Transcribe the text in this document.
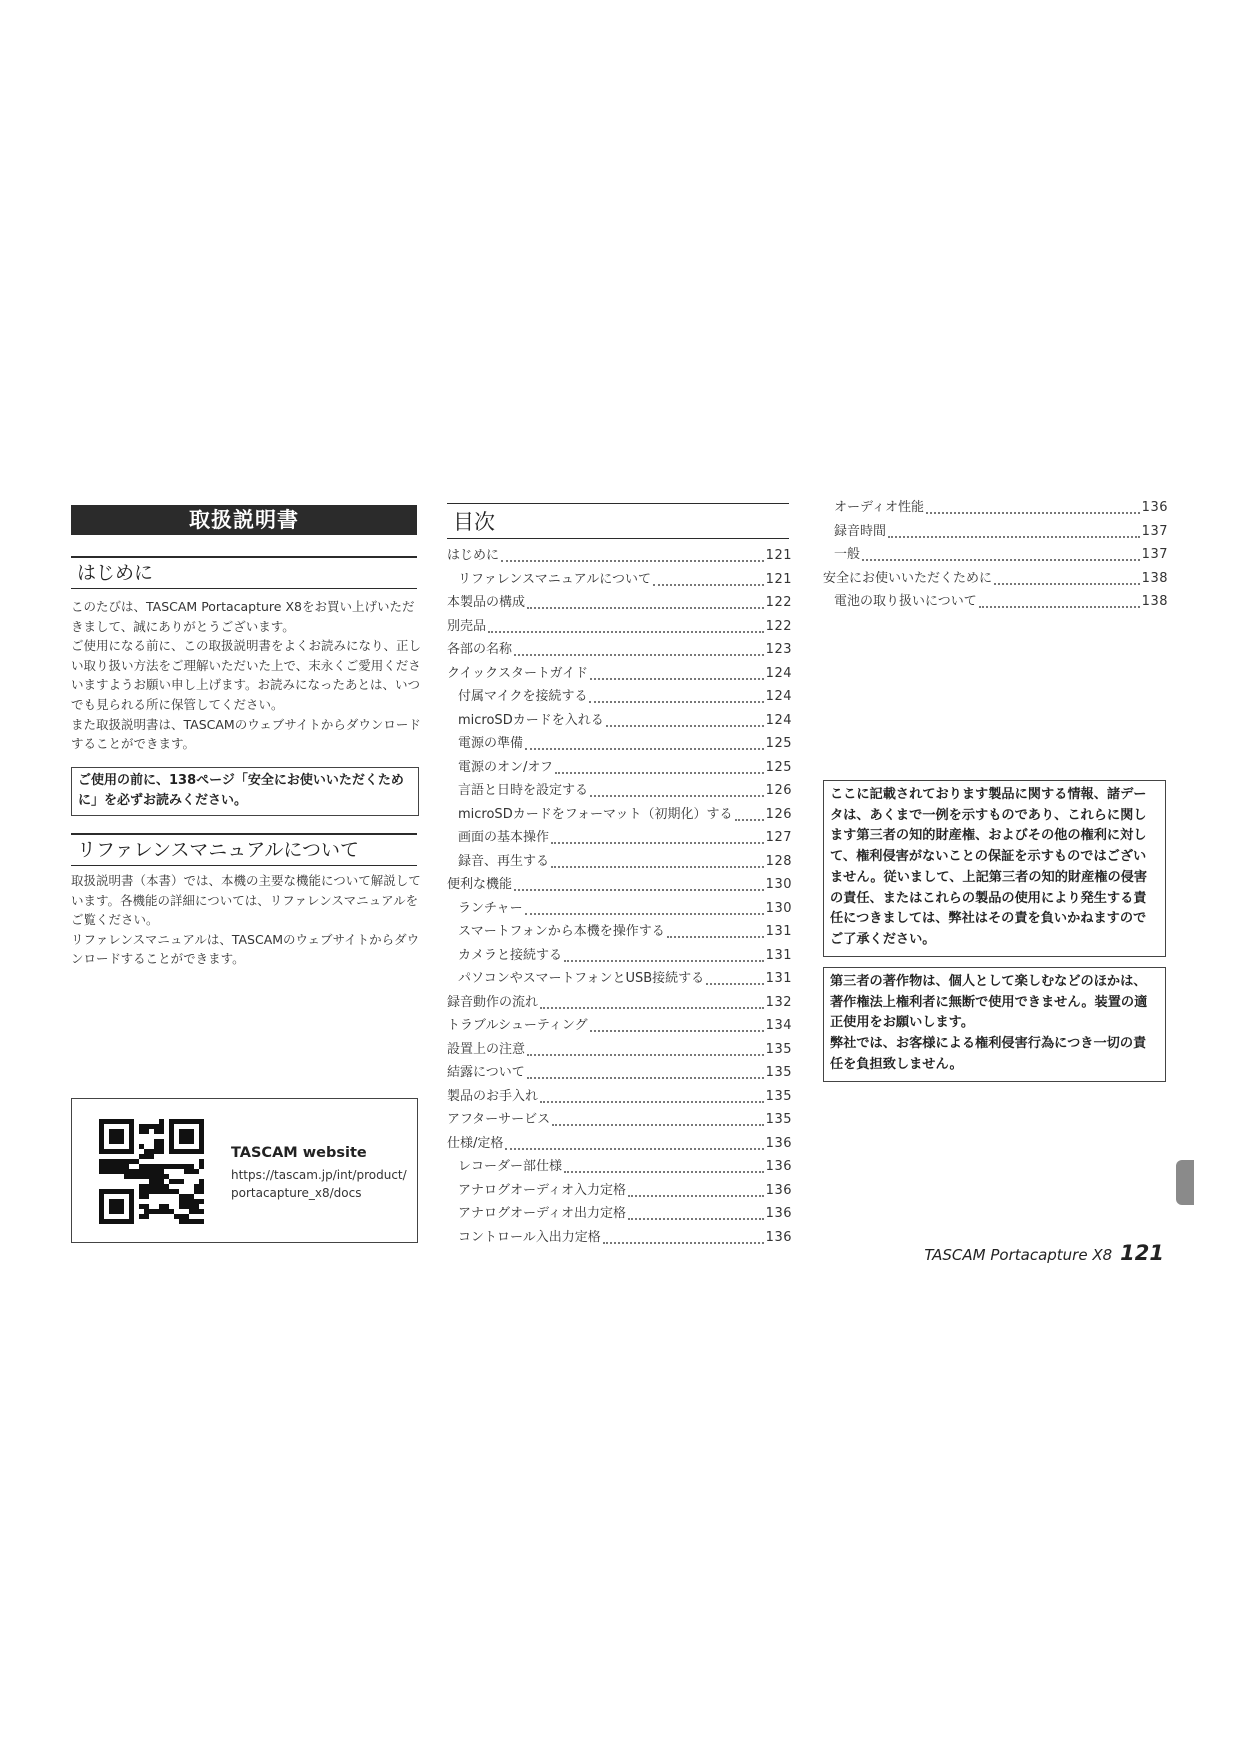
取扱説明書
はじめに

このたびは、TASCAM Portacapture X8をお買い上げいただきまして、誠にありがとうございます。

ご使用になる前に、この取扱説明書をよくお読みになり、正しい取り扱い方法をご理解いただいた上で、末永くご愛用くださいますようお願い申し上げます。お読みになったあとは、いつでも見られる所に保管してください。

また取扱説明書は、TASCAMのウェブサイトからダウンロードすることができます。

ご使用の前に、138ページ「安全にお使いいただくために」を必ずお読みください。
リファレンスマニュアルについて

取扱説明書（本書）では、本機の主要な機能について解説しています。各機能の詳細については、リファレンスマニュアルをご覧ください。

リファレンスマニュアルは、TASCAMのウェブサイトからダウンロードすることができます。

TASCAM website
https://tascam.jp/int/product/
portacapture_x8/docs
目次
はじめに	121
リファレンスマニュアルについて	121
本製品の構成	122
別売品	122
各部の名称	123
クイックスタートガイド	124
付属マイクを接続する	124
microSDカードを入れる	124
電源の準備	125
電源のオン/オフ	125
言語と日時を設定する	126
microSDカードをフォーマット（初期化）する	126
画面の基本操作	127
録音、再生する	128
便利な機能	130
ランチャー	130
スマートフォンから本機を操作する	131
カメラと接続する	131
パソコンやスマートフォンとUSB接続する	131
録音動作の流れ	132
トラブルシューティング	134
設置上の注意	135
結露について	135
製品のお手入れ	135
アフターサービス	135
仕様/定格	136
レコーダー部仕様	136
アナログオーディオ入力定格	136
アナログオーディオ出力定格	136
コントロール入出力定格	136
オーディオ性能	136
録音時間	137
一般	137
安全にお使いいただくために	138
電池の取り扱いについて	138

ここに記載されております製品に関する情報、諸データは、あくまで一例を示すものであり、これらに関します第三者の知的財産権、およびその他の権利に対して、権利侵害がないことの保証を示すものではございません。従いまして、上記第三者の知的財産権の侵害の責任、またはこれらの製品の使用により発生する責任につきましては、弊社はその責を負いかねますのでご了承ください。

第三者の著作物は、個人として楽しむなどのほかは、著作権法上権利者に無断で使用できません。装置の適正使用をお願いします。

弊社では、お客様による権利侵害行為につき一切の責任を負担致しません。

TASCAM Portacapture X8 121
